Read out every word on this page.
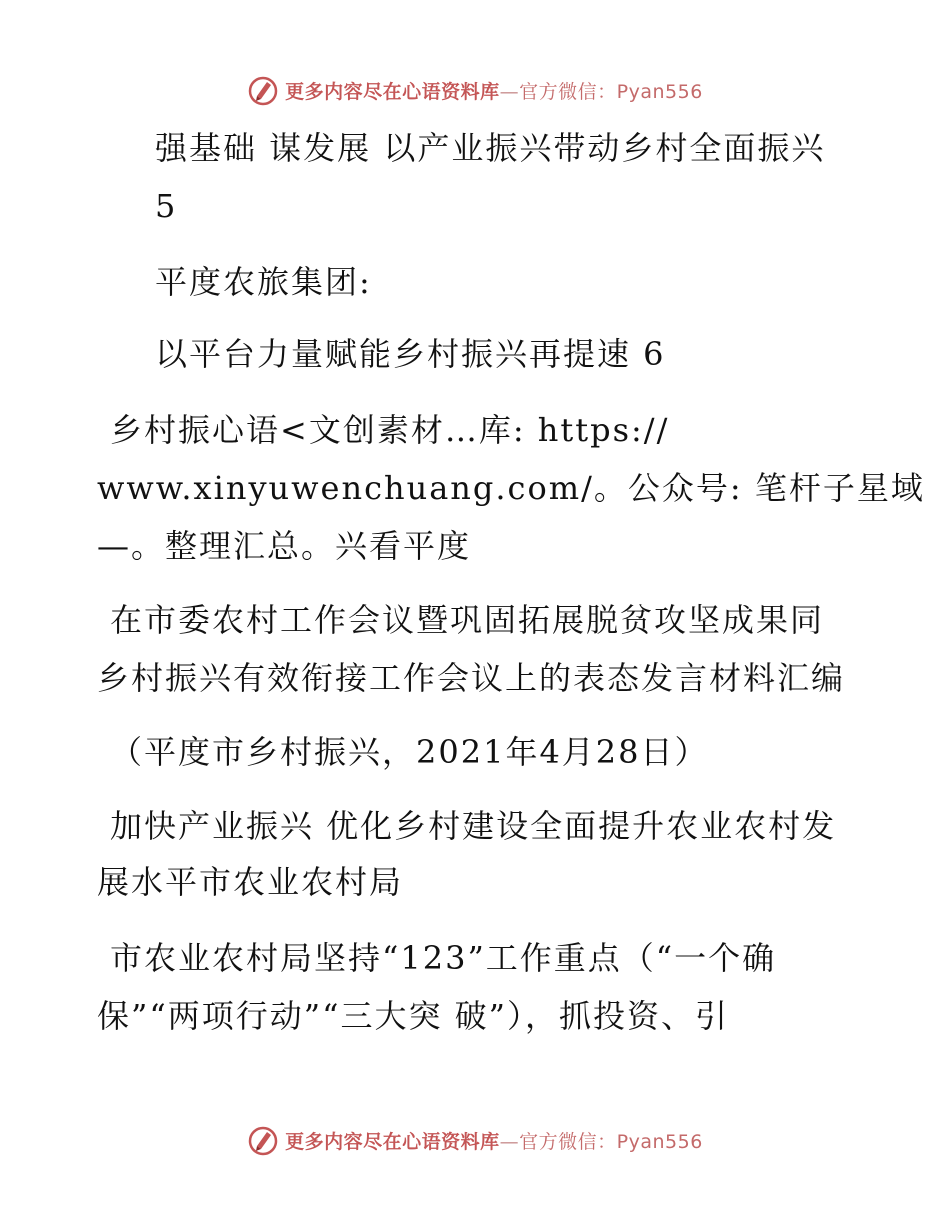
更多内容尽在心语资料库—官方微信：Pyan556
强基础 谋发展 以产业振兴带动乡村全面振兴
5
平度农旅集团:
以平台力量赋能乡村振兴再提速 6
乡村振心语<文创素材…库: https://
www.xinyuwenchuang.com/。公众号: 笔杆子星域
—。整理汇总。兴看平度
在市委农村工作会议暨巩固拓展脱贫攻坚成果同
乡村振兴有效衔接工作会议上的表态发言材料汇编
（平度市乡村振兴，2021年4月28日）
加快产业振兴 优化乡村建设全面提升农业农村发
展水平市农业农村局
市农业农村局坚持“123”工作重点（“一个确
保”“两项行动”“三大突 破”），抓投资、引
更多内容尽在心语资料库—官方微信：Pyan556
